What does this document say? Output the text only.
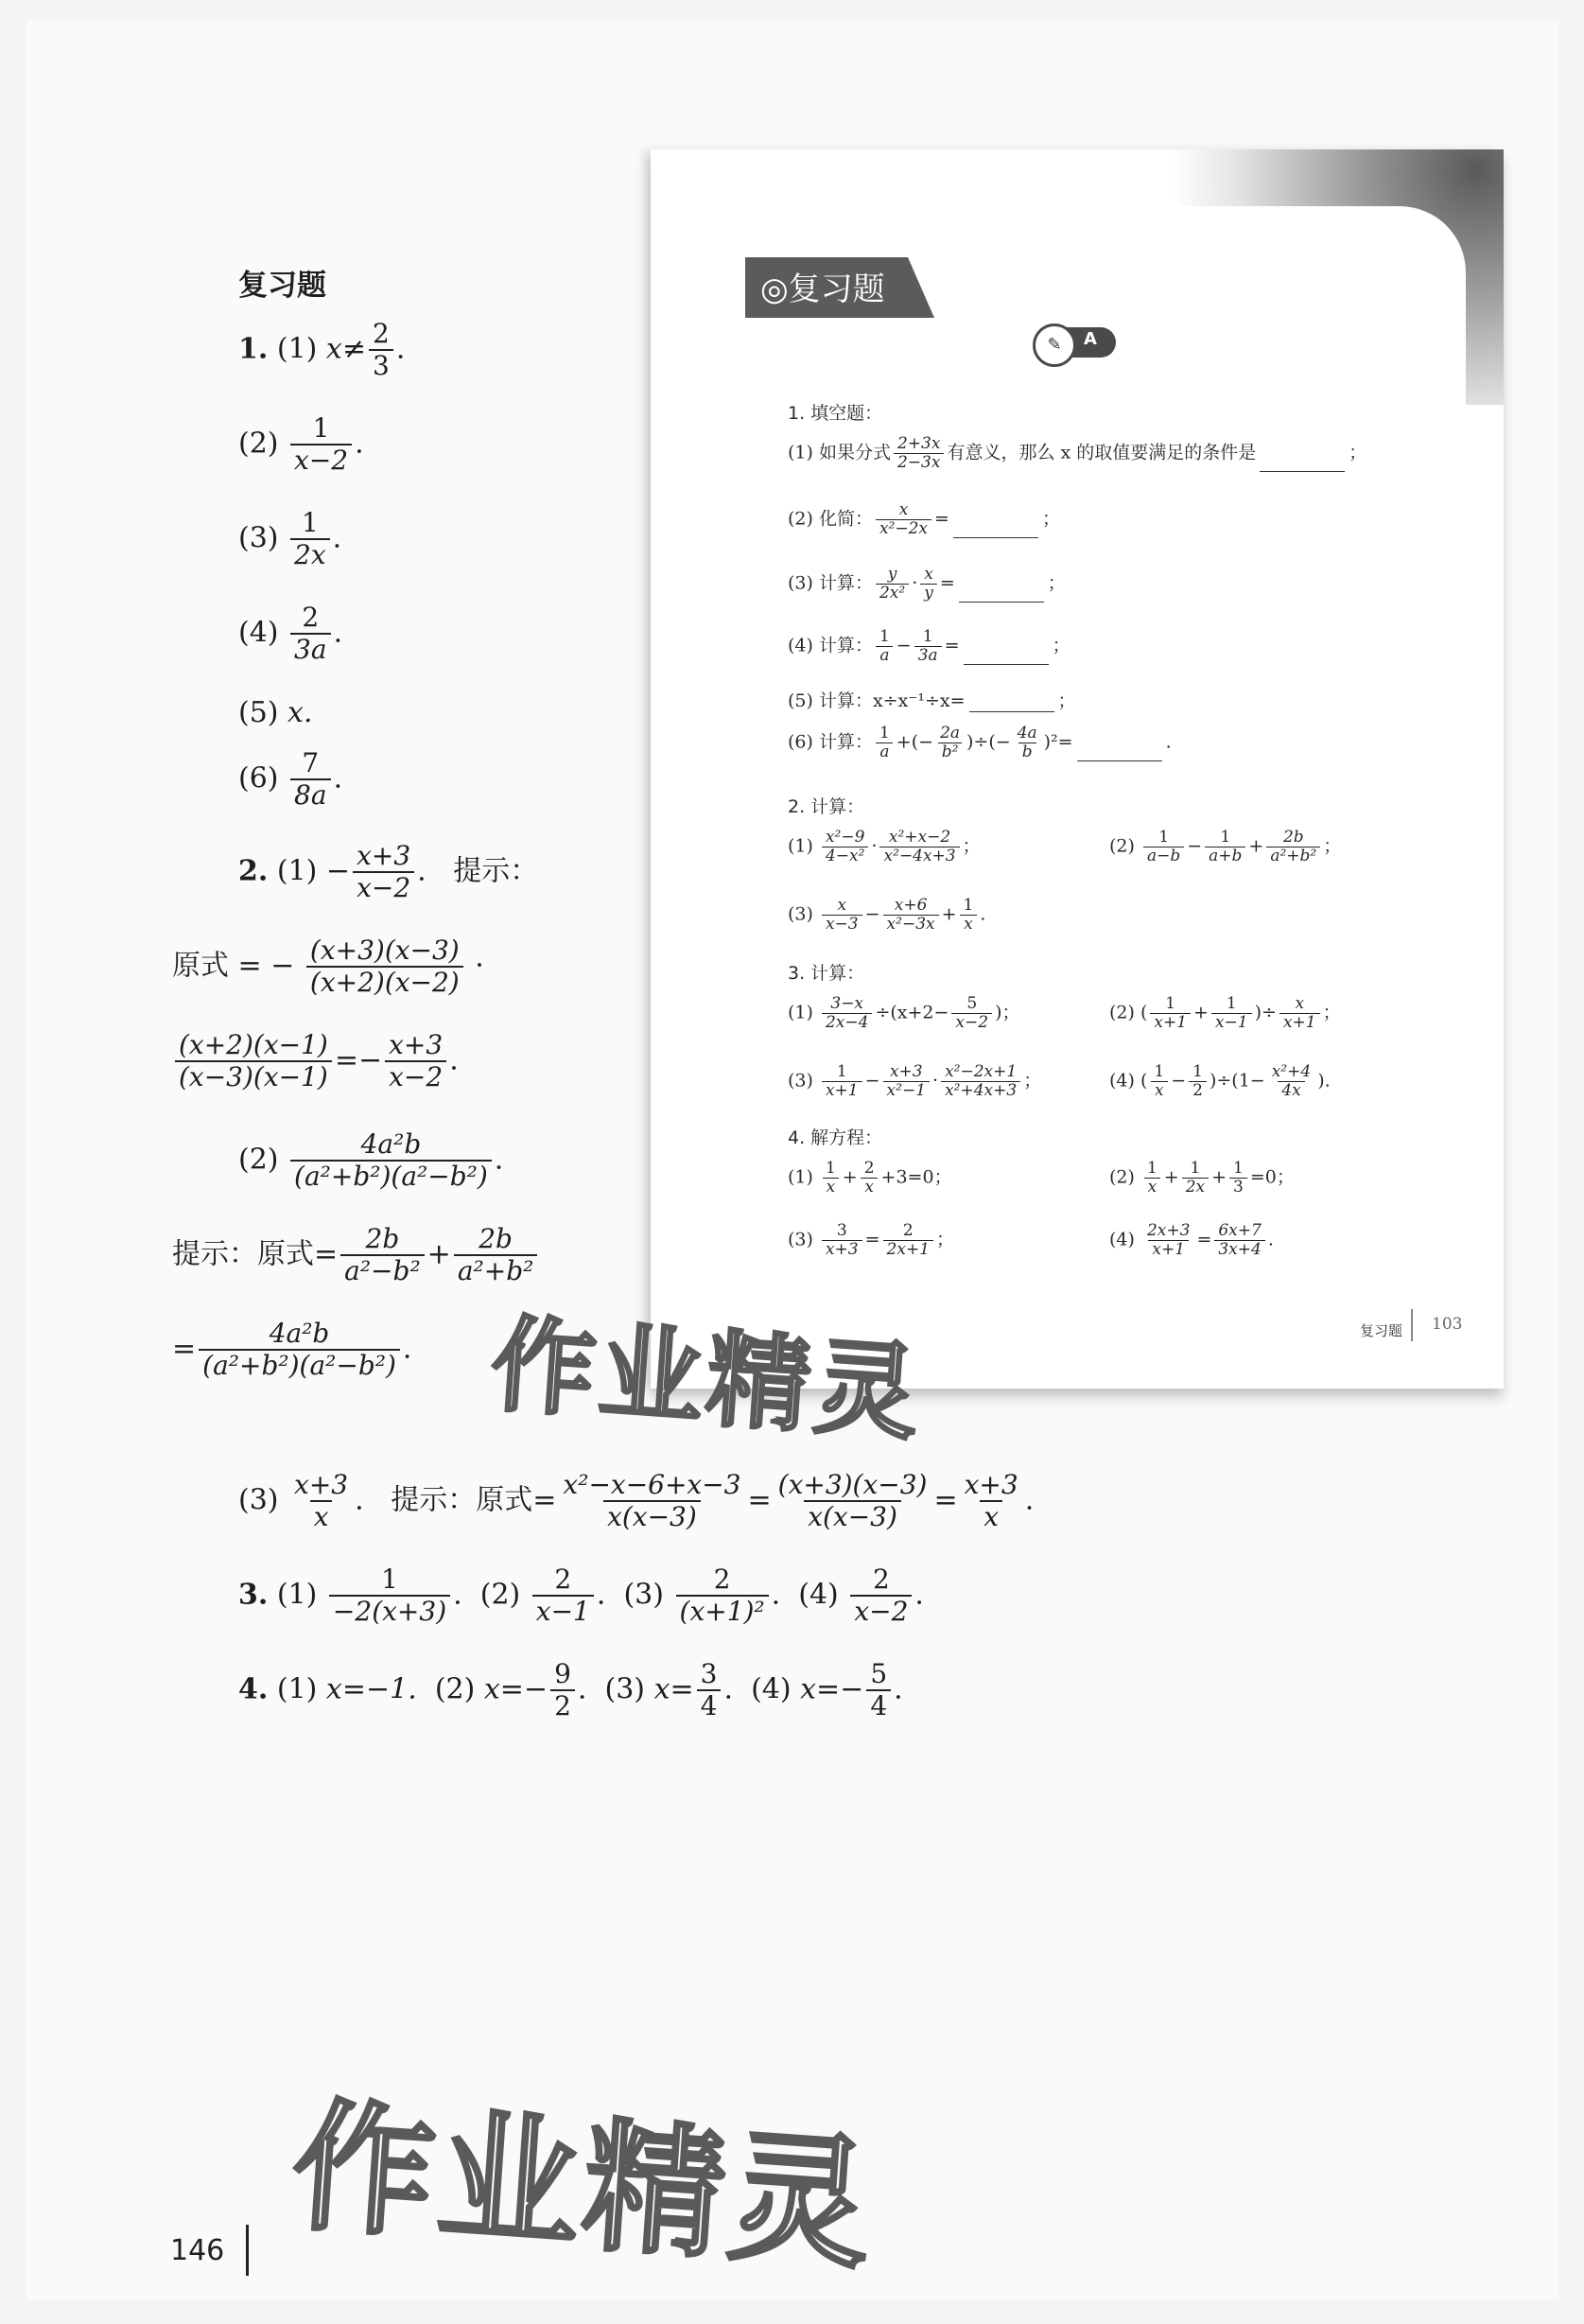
复习题
1. (1) $x\ne \frac{2}{3}$ .
$(2) \frac{1}{x-2}$ .
$(3) \frac{1}{2x}$ .
$(4) \frac{2}{3a}$ .
(5) x.
$(6) \frac{7}{8a}$ .
2. $(1) - \frac{x+3}{x-2}$ .   提示：
原式 = − $\frac{(x+3)(x-3)}{(x+2)(x-2)}$ ·
$\frac{(x+2)(x-1)}{(x-3)(x-1)} =- \frac{x+3}{x-2}$ .
$(2) \frac{\text{4a²b}}{\text{(a²+b²)(a²−b²)}}$ .
提示：原式= $\frac{2b}{\text{a²−b²}} + \frac{2b}{\text{a²+b²}}$
= $\frac{\text{4a²b}}{\text{(a²+b²)(a²−b²)}}$ .
$(3) \frac{x+3}{x}$ .   提示：原式= $\frac{\text{x²−x−6+x−3}}{x(x-3)} = \frac{(x+3)(x-3)}{x(x-3)} = \frac{x+3}{x}$ .
3. $(1) \frac{1}{-2(x+3)}$ .  $(2) \frac{2}{x-1}$ .  $(3) \frac{2}{\text{(x+1)²}}$ .  $(4) \frac{2}{x-2}$ .
4. (1) x=−1. (2) $x=- \frac{9}{2}$ .  (3) $x= \frac{3}{4}$ .  (4) $x=- \frac{5}{4}$ .
◎复习题
✎	A
1. 填空题：
(1) 如果分式 $\frac{2+3x}{2-3x}$ 有意义，那么 x 的取值要满足的条件是	；
(2) 化简： $\frac{x}{\text{x²−2x}}$ =	；
(3) 计算： $\frac{y}{\text{2x²}} \cdot \frac{x}{y}$ =	；
(4) 计算： $\frac{1}{a} - \frac{1}{3a}$ =	；
(5) 计算：x÷x⁻¹÷x=	；
(6) 计算： $\frac{1}{a}$ +(− $\frac{2a}{\text{b²}}$ )÷(− $\frac{4a}{b} )^2=$	.
2. 计算：
$(1) \frac{\text{x²−9}}{\text{4−x²}} \cdot \frac{\text{x²+x−2}}{\text{x²−4x+3}}$ ；	$(2) \frac{1}{a-b} - \frac{1}{a+b} + \frac{2b}{\text{a²+b²}}$ ；
$(3) \frac{x}{x-3} - \frac{x+6}{\text{x²−3x}} + \frac{1}{x}$ .
3. 计算：
$(1) \frac{3-x}{2x-4} \div(x+2- \frac{5}{x-2}$ )；	(2) ( $\frac{1}{x+1} + \frac{1}{x-1}$ )÷ $\frac{x}{x+1}$ ；
$(3) \frac{1}{x+1} - \frac{x+3}{\text{x²−1}} \cdot \frac{\text{x²−2x+1}}{\text{x²+4x+3}}$ ；	(4) ( $\frac{1}{x} - \frac{1}{2} )\div(1- \frac{\text{x²+4}}{4x}$ ).
4. 解方程：
$(1) \frac{1}{x} + \frac{2}{x} +3=0$；	$(2) \frac{1}{x} + \frac{1}{2x} + \frac{1}{3} =0$；
$(3) \frac{3}{x+3} = \frac{2}{2x+1}$ ；	$(4) \frac{2x+3}{x+1} = \frac{6x+7}{3x+4}$ .
复习题 103
作业精灵
作业精灵
146
